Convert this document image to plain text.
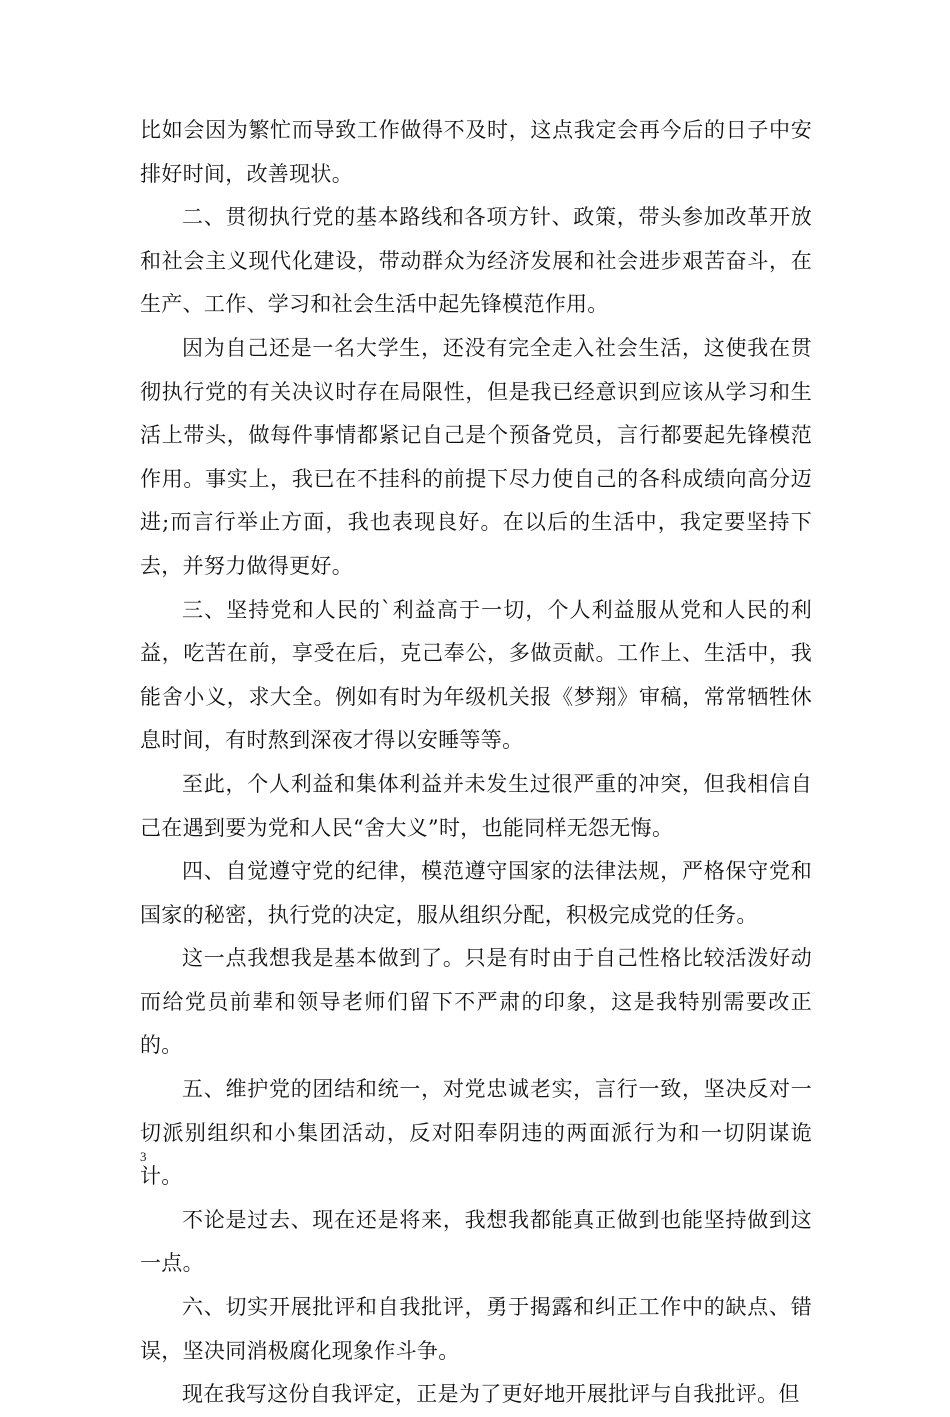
比如会因为繁忙而导致工作做得不及时，这点我定会再今后的日子中安排好时间，改善现状。

二、贯彻执行党的基本路线和各项方针、政策，带头参加改革开放和社会主义现代化建设，带动群众为经济发展和社会进步艰苦奋斗，在生产、工作、学习和社会生活中起先锋模范作用。

因为自己还是一名大学生，还没有完全走入社会生活，这使我在贯彻执行党的有关决议时存在局限性，但是我已经意识到应该从学习和生活上带头，做每件事情都紧记自己是个预备党员，言行都要起先锋模范作用。事实上，我已在不挂科的前提下尽力使自己的各科成绩向高分迈进;而言行举止方面，我也表现良好。在以后的生活中，我定要坚持下去，并努力做得更好。

三、坚持党和人民的`利益高于一切，个人利益服从党和人民的利益，吃苦在前，享受在后，克己奉公，多做贡献。工作上、生活中，我能舍小义，求大全。例如有时为年级机关报《梦翔》审稿，常常牺牲休息时间，有时熬到深夜才得以安睡等等。

至此，个人利益和集体利益并未发生过很严重的冲突，但我相信自己在遇到要为党和人民“舍大义”时，也能同样无怨无悔。

四、自觉遵守党的纪律，模范遵守国家的法律法规，严格保守党和国家的秘密，执行党的决定，服从组织分配，积极完成党的任务。

这一点我想我是基本做到了。只是有时由于自己性格比较活泼好动而给党员前辈和领导老师们留下不严肃的印象，这是我特别需要改正的。

五、维护党的团结和统一，对党忠诚老实，言行一致，坚决反对一切派别组织和小集团活动，反对阳奉阴违的两面派行为和一切阴谋诡计。

不论是过去、现在还是将来，我想我都能真正做到也能坚持做到这一点。

六、切实开展批评和自我批评，勇于揭露和纠正工作中的缺点、错误，坚决同消极腐化现象作斗争。

现在我写这份自我评定，正是为了更好地开展批评与自我批评。但

3
